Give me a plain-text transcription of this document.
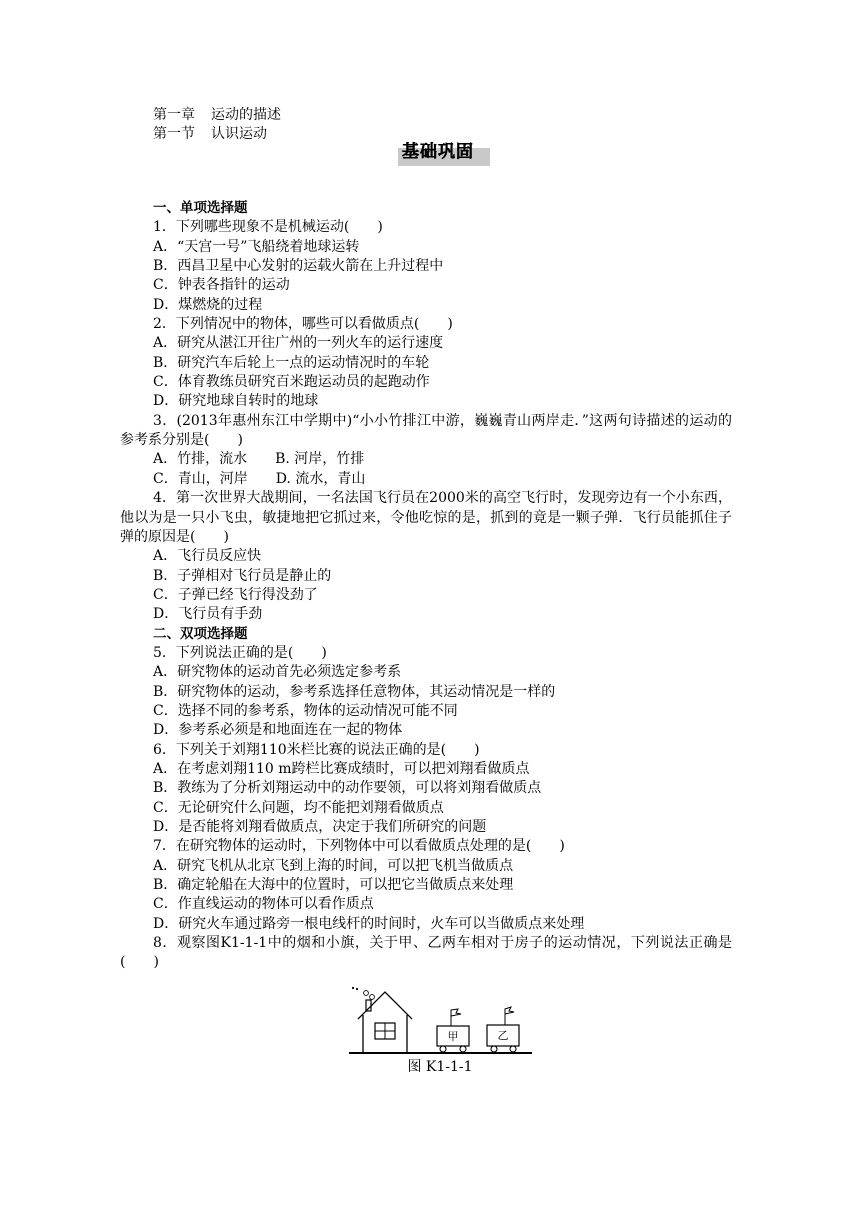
第一章 运动的描述
第一节 认识运动
基础巩固
一、单项选择题
1．下列哪些现象不是机械运动(　　)
A．“天宫一号”飞船绕着地球运转
B．西昌卫星中心发射的运载火箭在上升过程中
C．钟表各指针的运动
D．煤燃烧的过程
2．下列情况中的物体，哪些可以看做质点(　　)
A．研究从湛江开往广州的一列火车的运行速度
B．研究汽车后轮上一点的运动情况时的车轮
C．体育教练员研究百米跑运动员的起跑动作
D．研究地球自转时的地球
3．(2013年惠州东江中学期中)“小小竹排江中游，巍巍青山两岸走．”这两句诗描述的运动的参考系分别是(　　)
A．竹排，流水　　B. 河岸，竹排
C．青山，河岸　　D. 流水，青山
4．第一次世界大战期间，一名法国飞行员在2000米的高空飞行时，发现旁边有一个小东西，他以为是一只小飞虫，敏捷地把它抓过来，令他吃惊的是，抓到的竟是一颗子弹．飞行员能抓住子弹的原因是(　　)
A．飞行员反应快
B．子弹相对飞行员是静止的
C．子弹已经飞行得没劲了
D．飞行员有手劲
二、双项选择题
5．下列说法正确的是(　　)
A．研究物体的运动首先必须选定参考系
B．研究物体的运动，参考系选择任意物体，其运动情况是一样的
C．选择不同的参考系，物体的运动情况可能不同
D．参考系必须是和地面连在一起的物体
6．下列关于刘翔110米栏比赛的说法正确的是(　　)
A．在考虑刘翔110 m跨栏比赛成绩时，可以把刘翔看做质点
B．教练为了分析刘翔运动中的动作要领，可以将刘翔看做质点
C．无论研究什么问题，均不能把刘翔看做质点
D．是否能将刘翔看做质点，决定于我们所研究的问题
7．在研究物体的运动时，下列物体中可以看做质点处理的是(　　)
A．研究飞机从北京飞到上海的时间，可以把飞机当做质点
B．确定轮船在大海中的位置时，可以把它当做质点来处理
C．作直线运动的物体可以看作质点
D．研究火车通过路旁一根电线杆的时间时，火车可以当做质点来处理
8．观察图K1-1-1中的烟和小旗，关于甲、乙两车相对于房子的运动情况，下列说法正确是(　　)
甲	乙
图 K1-1-1
